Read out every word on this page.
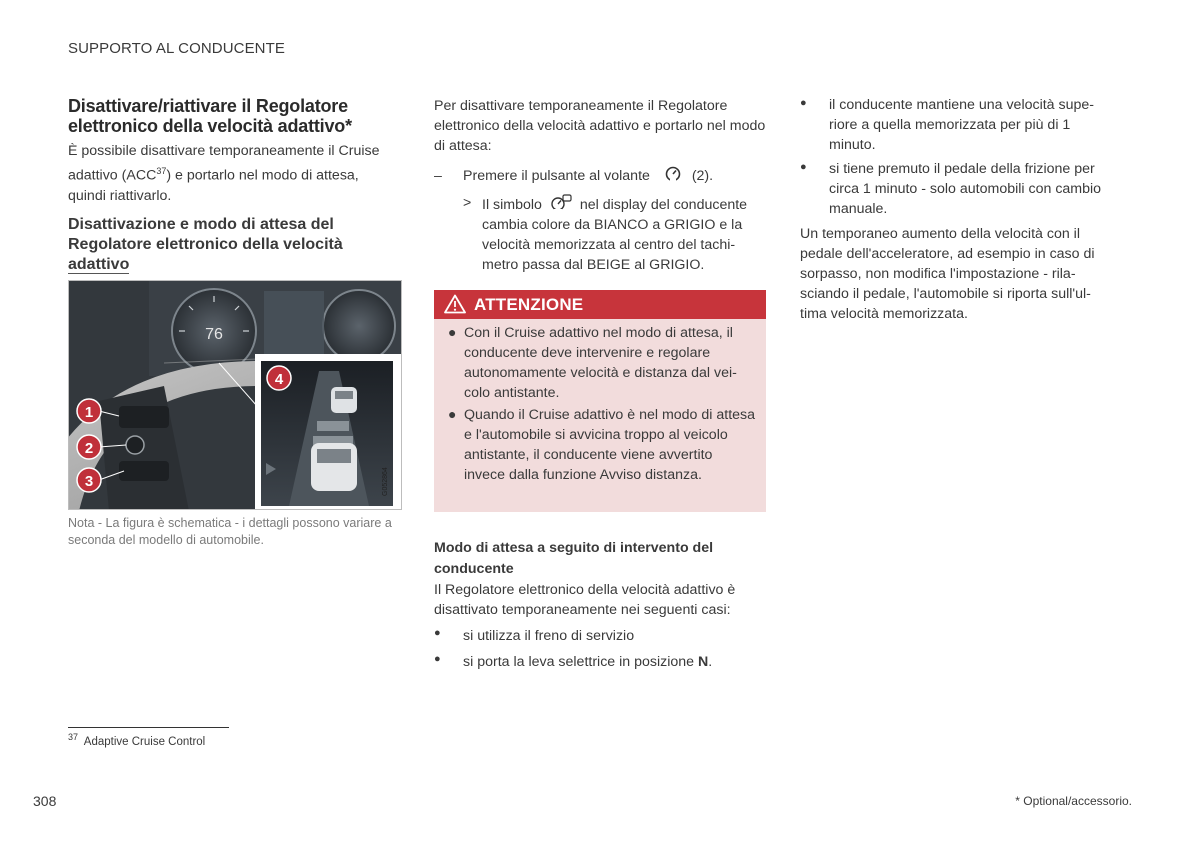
SUPPORTO AL CONDUCENTE
Disattivare/riattivare il Regolatore elettronico della velocità adattivo*
È possibile disattivare temporaneamente il Cruise adattivo (ACC$^{37}$) e portarlo nel modo di attesa, quindi riattivarlo.
Disattivazione e modo di attesa del Regolatore elettronico della velocità adattivo
76
1
2
3	G052864
4
Nota - La figura è schematica - i dettagli possono variare a seconda del modello di automobile.
Per disattivare temporaneamente il Regolatore elettronico della velocità adattivo e portarlo nel modo di attesa:
– Premere il pulsante al volante	(2).
> Il simbolo	nel display del conducente cambia colore da BIANCO a GRIGIO e la velocità memorizzata al centro del tachi-metro passa dal BEIGE al GRIGIO.
ATTENZIONE
● Con il Cruise adattivo nel modo di attesa, il conducente deve intervenire e regolare autonomamente velocità e distanza dal vei-colo antistante.
● Quando il Cruise adattivo è nel modo di attesa e l'automobile si avvicina troppo al veicolo antistante, il conducente viene avvertito invece dalla funzione Avviso distanza.
Modo di attesa a seguito di intervento del conducente
Il Regolatore elettronico della velocità adattivo è disattivato temporaneamente nei seguenti casi:
● si utilizza il freno di servizio
● si porta la leva selettrice in posizione N.
● il conducente mantiene una velocità supe-riore a quella memorizzata per più di 1 minuto.
● si tiene premuto il pedale della frizione per circa 1 minuto - solo automobili con cambio manuale.
Un temporaneo aumento della velocità con il pedale dell'acceleratore, ad esempio in caso di sorpasso, non modifica l'impostazione - rila-sciando il pedale, l'automobile si riporta sull'ul-tima velocità memorizzata.
$^{37}$ Adaptive Cruise Control
308	* Optional/accessorio.
